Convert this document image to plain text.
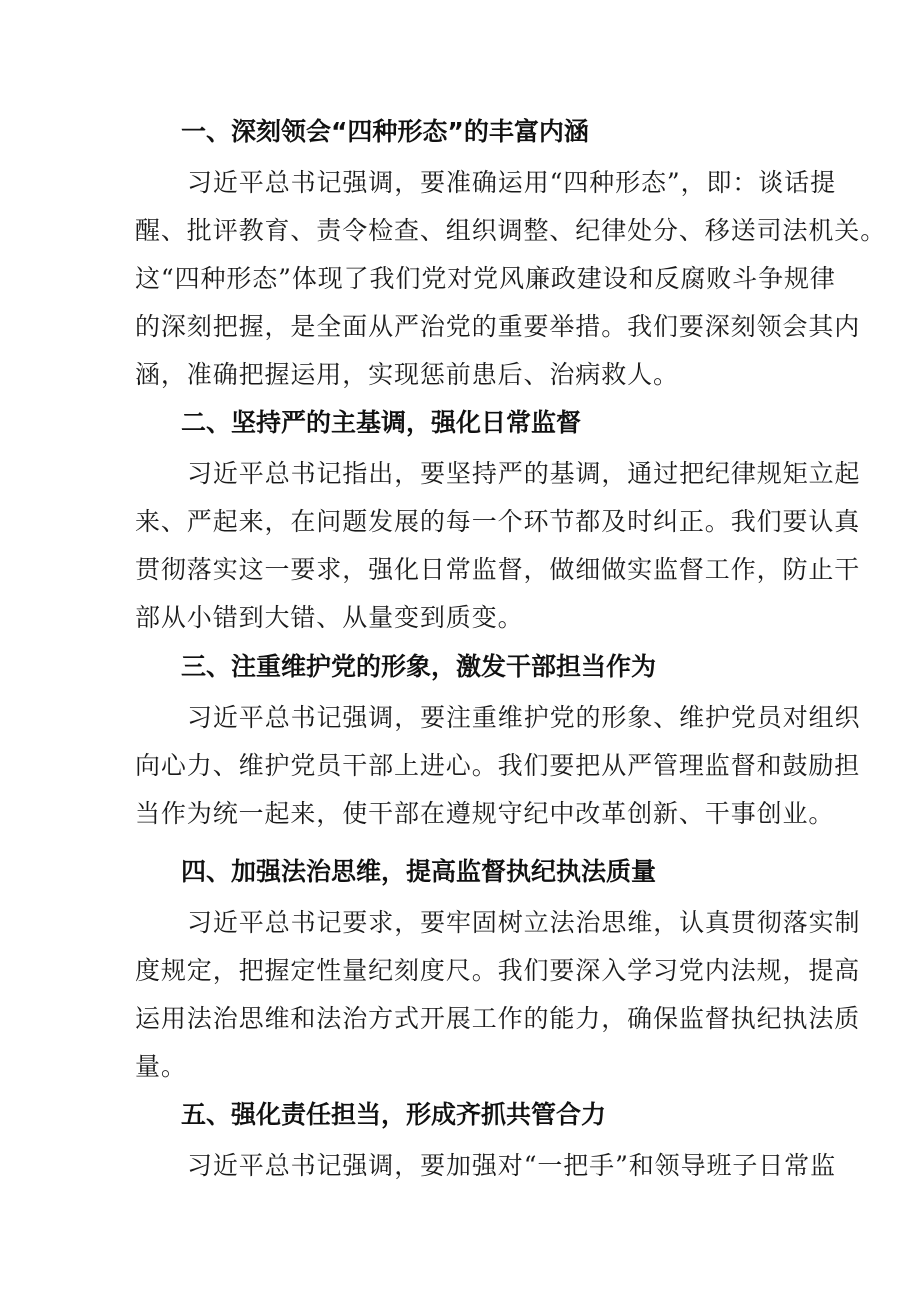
一、深刻领会“四种形态”的丰富内涵

习近平总书记强调，要准确运用“四种形态”，即：谈话提

醒、批评教育、责令检查、组织调整、纪律处分、移送司法机关。

这“四种形态”体现了我们党对党风廉政建设和反腐败斗争规律

的深刻把握，是全面从严治党的重要举措。我们要深刻领会其内

涵，准确把握运用，实现惩前患后、治病救人。

二、坚持严的主基调，强化日常监督

习近平总书记指出，要坚持严的基调，通过把纪律规矩立起

来、严起来，在问题发展的每一个环节都及时纠正。我们要认真

贯彻落实这一要求，强化日常监督，做细做实监督工作，防止干

部从小错到大错、从量变到质变。

三、注重维护党的形象，激发干部担当作为

习近平总书记强调，要注重维护党的形象、维护党员对组织

向心力、维护党员干部上进心。我们要把从严管理监督和鼓励担

当作为统一起来，使干部在遵规守纪中改革创新、干事创业。

四、加强法治思维，提高监督执纪执法质量

习近平总书记要求，要牢固树立法治思维，认真贯彻落实制

度规定，把握定性量纪刻度尺。我们要深入学习党内法规，提高

运用法治思维和法治方式开展工作的能力，确保监督执纪执法质

量。

五、强化责任担当，形成齐抓共管合力

习近平总书记强调，要加强对“一把手”和领导班子日常监
